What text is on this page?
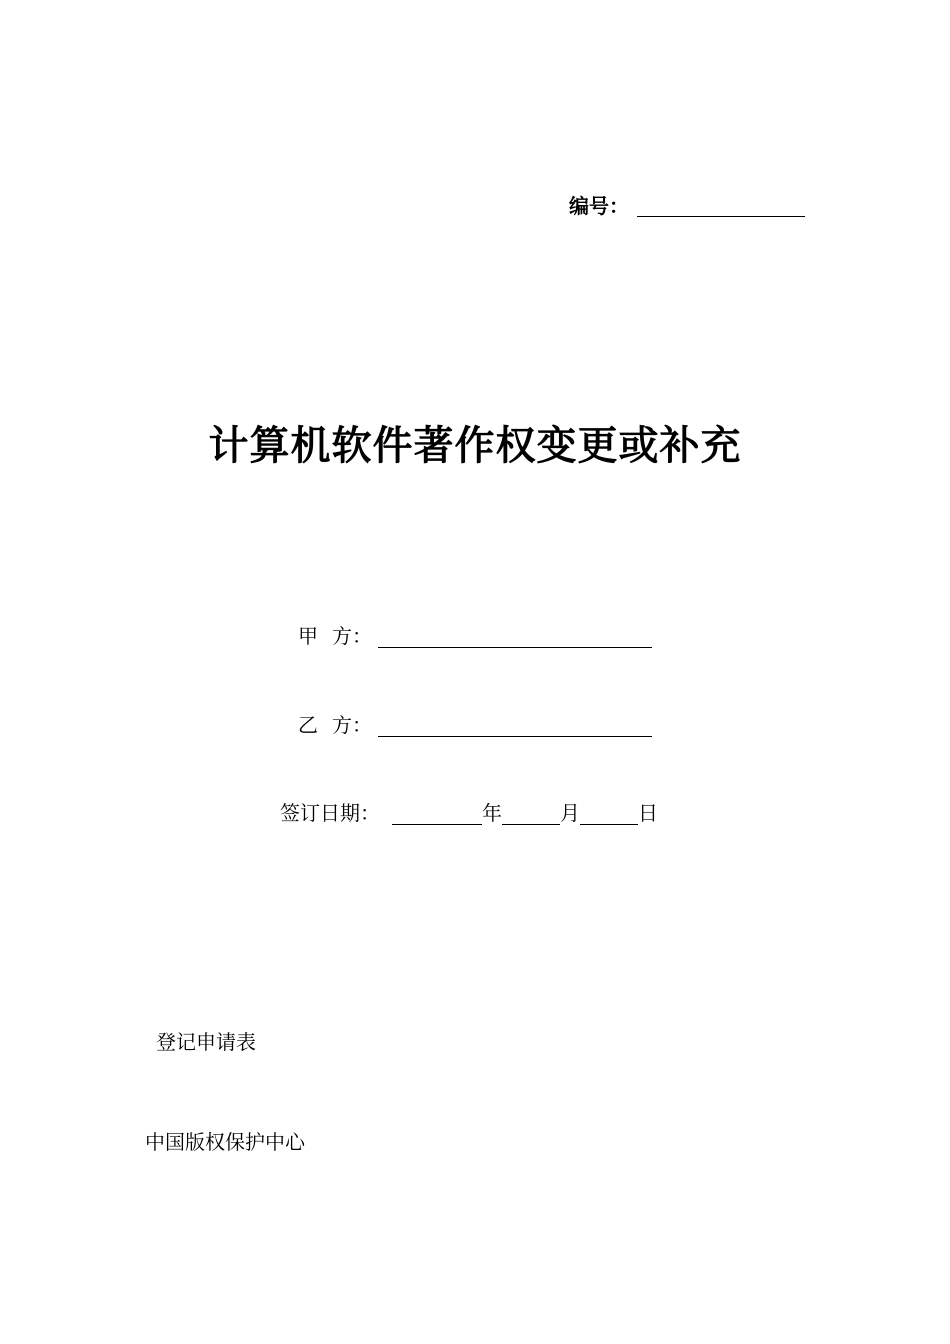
编号：
计算机软件著作权变更或补充
甲 方：
乙 方：
签订日期：	年	月	日
登记申请表
中国版权保护中心
